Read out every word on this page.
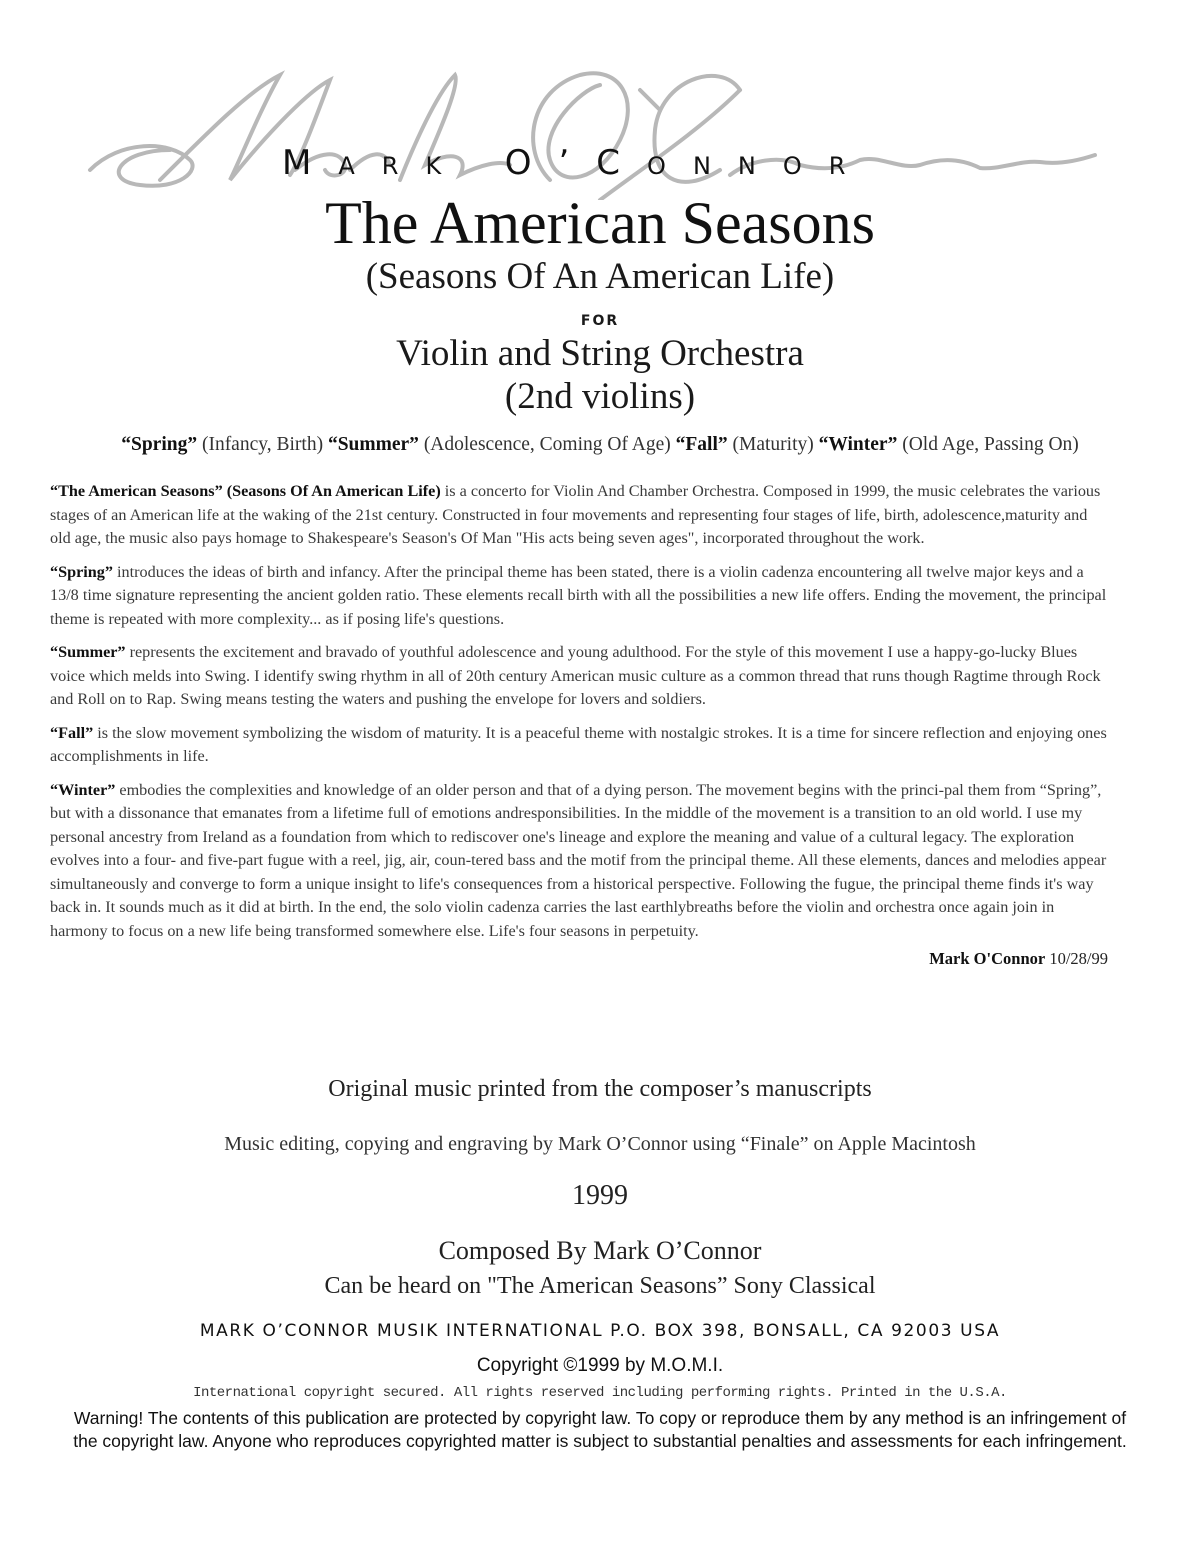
MARK O’CONNOR
The American Seasons
(Seasons Of An American Life)
FOR
Violin and String Orchestra
(2nd violins)
“Spring” (Infancy, Birth) “Summer” (Adolescence, Coming Of Age) “Fall” (Maturity) “Winter” (Old Age, Passing On)

“The American Seasons” (Seasons Of An American Life) is a concerto for Violin And Chamber Orchestra. Composed in 1999, the music celebrates the various stages of an American life at the waking of the 21st century. Constructed in four movements and representing four stages of life, birth, adolescence,maturity and old age, the music also pays homage to Shakespeare's Season's Of Man "His acts being seven ages", incorporated throughout the work.

“Spring” introduces the ideas of birth and infancy. After the principal theme has been stated, there is a violin cadenza encountering all twelve major keys and a 13/8 time signature representing the ancient golden ratio. These elements recall birth with all the possibilities a new life offers. Ending the movement, the principal theme is repeated with more complexity... as if posing life's questions.

“Summer” represents the excitement and bravado of youthful adolescence and young adulthood. For the style of this movement I use a happy-go-lucky Blues voice which melds into Swing. I identify swing rhythm in all of 20th century American music culture as a common thread that runs though Ragtime through Rock and Roll on to Rap. Swing means testing the waters and pushing the envelope for lovers and soldiers.

“Fall” is the slow movement symbolizing the wisdom of maturity. It is a peaceful theme with nostalgic strokes. It is a time for sincere reflection and enjoying ones accomplishments in life.

“Winter” embodies the complexities and knowledge of an older person and that of a dying person. The movement begins with the princi-pal them from “Spring”, but with a dissonance that emanates from a lifetime full of emotions andresponsibilities. In the middle of the movement is a transition to an old world. I use my personal ancestry from Ireland as a foundation from which to rediscover one's lineage and explore the meaning and value of a cultural legacy. The exploration evolves into a four- and five-part fugue with a reel, jig, air, coun-tered bass and the motif from the principal theme. All these elements, dances and melodies appear simultaneously and converge to form a unique insight to life's consequences from a historical perspective. Following the fugue, the principal theme finds it's way back in. It sounds much as it did at birth. In the end, the solo violin cadenza carries the last earthlybreaths before the violin and orchestra once again join in harmony to focus on a new life being transformed somewhere else. Life's four seasons in perpetuity.

Mark O'Connor 10/28/99
Original music printed from the composer’s manuscripts
Music editing, copying and engraving by Mark O’Connor using “Finale” on Apple Macintosh
1999
Composed By Mark O’Connor
Can be heard on "The American Seasons” Sony Classical
MARK O’CONNOR MUSIK INTERNATIONAL P.O. BOX 398, BONSALL, CA 92003 USA
Copyright ©1999 by M.O.M.I.
International copyright secured. All rights reserved including performing rights. Printed in the U.S.A.
Warning! The contents of this publication are protected by copyright law. To copy or reproduce them by any method is an infringement of the copyright law. Anyone who reproduces copyrighted matter is subject to substantial penalties and assessments for each infringement.
